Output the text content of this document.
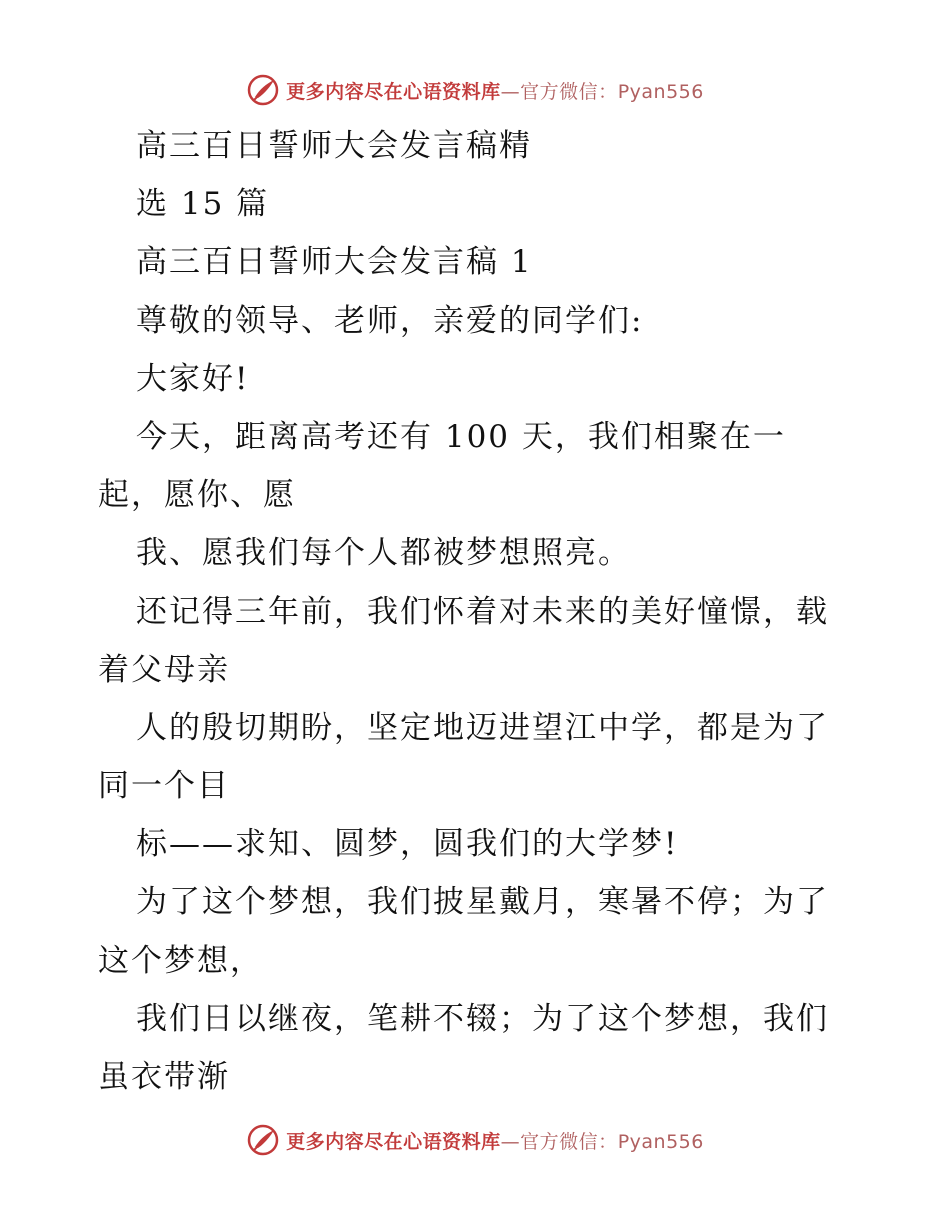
更多内容尽在心语资料库—官方微信：Pyan556
高三百日誓师大会发言稿精
选 15 篇
高三百日誓师大会发言稿 1
尊敬的领导、老师，亲爱的同学们:
大家好!
今天，距离高考还有 100 天，我们相聚在一
起，愿你、愿
我、愿我们每个人都被梦想照亮。
还记得三年前，我们怀着对未来的美好憧憬，载
着父母亲
人的殷切期盼，坚定地迈进望江中学，都是为了
同一个目
标——求知、圆梦，圆我们的大学梦!
为了这个梦想，我们披星戴月，寒暑不停；为了
这个梦想，
我们日以继夜，笔耕不辍；为了这个梦想，我们
虽衣带渐
更多内容尽在心语资料库—官方微信：Pyan556
